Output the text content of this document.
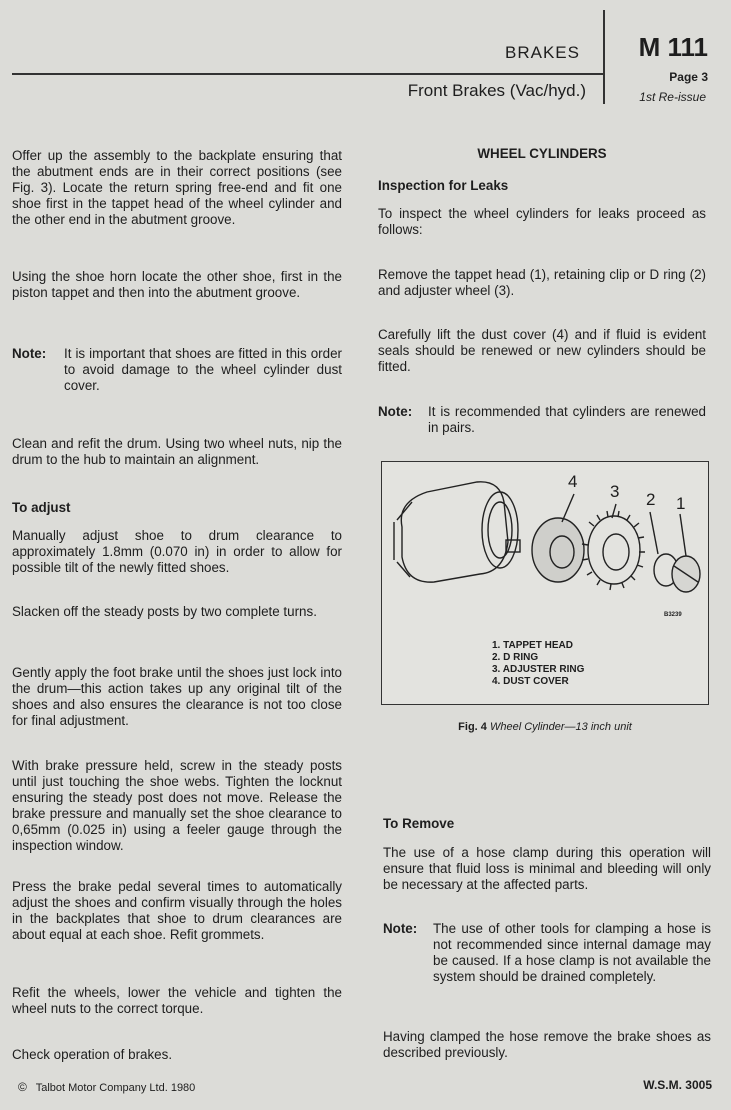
BRAKES
Front Brakes (Vac/hyd.)
M 111
Page 3
1st Re-issue

Offer up the assembly to the backplate ensuring that the abutment ends are in their correct positions (see Fig. 3). Locate the return spring free-end and fit one shoe first in the tappet head of the wheel cylinder and the other end in the abutment groove.

Using the shoe horn locate the other shoe, first in the piston tappet and then into the abutment groove.

Note:	It is important that shoes are fitted in this order to avoid damage to the wheel cylinder dust cover.

Clean and refit the drum. Using two wheel nuts, nip the drum to the hub to maintain an alignment.

To adjust

Manually adjust shoe to drum clearance to approximately 1.8mm (0.070 in) in order to allow for possible tilt of the newly fitted shoes.

Slacken off the steady posts by two complete turns.

Gently apply the foot brake until the shoes just lock into the drum—this action takes up any original tilt of the shoes and also ensures the clearance is not too close for final adjustment.

With brake pressure held, screw in the steady posts until just touching the shoe webs. Tighten the locknut ensuring the steady post does not move. Release the brake pressure and manually set the shoe clearance to 0,65mm (0.025 in) using a feeler gauge through the inspection window.

Press the brake pedal several times to automatically adjust the shoes and confirm visually through the holes in the backplates that shoe to drum clearances are about equal at each shoe. Refit grommets.

Refit the wheels, lower the vehicle and tighten the wheel nuts to the correct torque.

Check operation of brakes.

WHEEL CYLINDERS

Inspection for Leaks

To inspect the wheel cylinders for leaks proceed as follows:

Remove the tappet head (1), retaining clip or D ring (2) and adjuster wheel (3).

Carefully lift the dust cover (4) and if fluid is evident seals should be renewed or new cylinders should be fitted.

Note:	It is recommended that cylinders are renewed in pairs.
4
3 2 1
B3239
1. TAPPET HEAD
2. D RING
3. ADJUSTER RING
4. DUST COVER
Fig. 4 Wheel Cylinder—13 inch unit

To Remove

The use of a hose clamp during this operation will ensure that fluid loss is minimal and bleeding will only be necessary at the affected parts.

Note:	The use of other tools for clamping a hose is not recommended since internal damage may be caused. If a hose clamp is not available the system should be drained completely.

Having clamped the hose remove the brake shoes as described previously.

© Talbot Motor Company Ltd. 1980	W.S.M. 3005
